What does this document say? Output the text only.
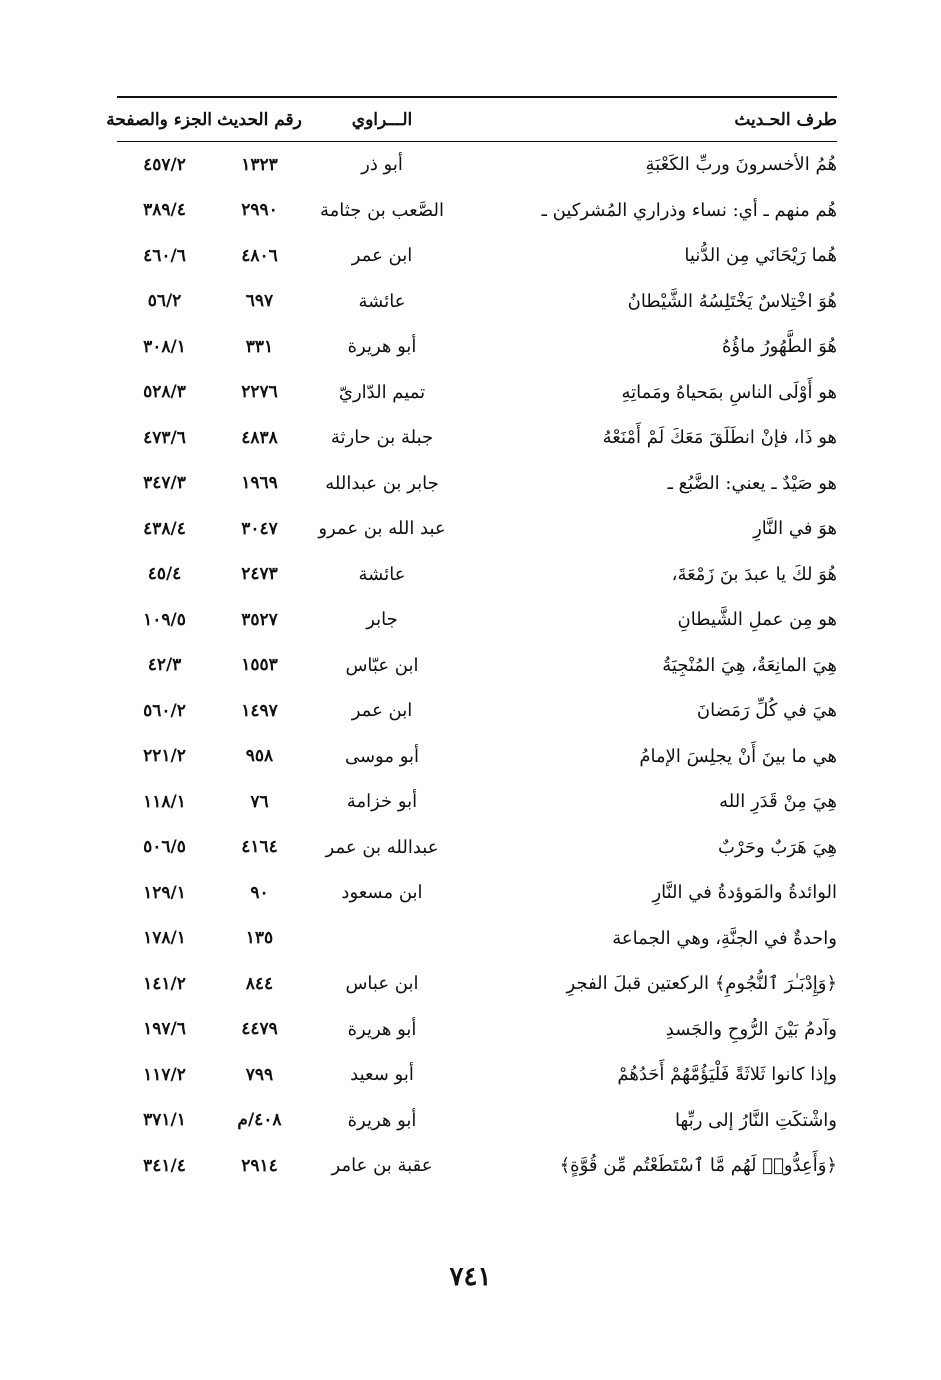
طرف الحـديث	الـــراوي	رقم الحديث	الجزء والصفحة
هُمُ الأخسرونَ وربِّ الكَعْبَةِ	أبو ذر	١٣٢٣	٤٥٧/٢
هُم منهم ـ أي: نساء وذراري المُشركين ـ	الصَّعب بن جثامة	٢٩٩٠	٣٨٩/٤
هُما رَيْحَانَي مِن الدُّنيا	ابن عمر	٤٨٠٦	٤٦٠/٦
هُوَ اخْتِلاسٌ يَخْتَلِسُهُ الشَّيْطانُ	عائشة	٦٩٧	٥٦/٢
هُوَ الطَّهُورُ ماؤُهُ	أبو هريرة	٣٣١	٣٠٨/١
هو أَوْلَى الناسِ بمَحياهُ ومَماتِهِ	تميم الدّاريّ	٢٢٧٦	٥٢٨/٣
هو ذَا، فإنْ انطَلَقَ مَعَكَ لَمْ أَمْنَعْهُ	جبلة بن حارثة	٤٨٣٨	٤٧٣/٦
هو صَيْدٌ ـ يعني: الضَّبُع ـ	جابر بن عبدالله	١٩٦٩	٣٤٧/٣
هوَ في النَّارِ	عبد الله بن عمرو	٣٠٤٧	٤٣٨/٤
هُوَ لكَ يا عبدَ بنَ زَمْعَةَ،	عائشة	٢٤٧٣	٤٥/٤
هو مِن عملِ الشَّيطانِ	جابر	٣٥٢٧	١٠٩/٥
هِيَ المانِعَةُ، هِيَ المُنْجِيَةُ	ابن عبّاس	١٥٥٣	٤٢/٣
هيَ في كُلِّ رَمَضانَ	ابن عمر	١٤٩٧	٥٦٠/٢
هي ما بينَ أَنْ يجلِسَ الإمامُ	أبو موسى	٩٥٨	٢٢١/٢
هِيَ مِنْ قَدَرِ الله	أبو خزامة	٧٦	١١٨/١
هِيَ هَرَبٌ وحَرْبٌ	عبدالله بن عمر	٤١٦٤	٥٠٦/٥
الوائدةُ والمَوؤدةُ في النَّارِ	ابن مسعود	٩٠	١٢٩/١
واحدةٌ في الجنَّةِ، وهي الجماعة		١٣٥	١٧٨/١
﴿وَإِدْبَـٰرَ ٱلنُّجُومِ﴾ الركعتين قبلَ الفجرِ	ابن عباس	٨٤٤	١٤١/٢
وآدمُ بَيْنَ الرُّوحِ والجَسدِ	أبو هريرة	٤٤٧٩	١٩٧/٦
وإذا كانوا ثَلاثَةً فَلْيَؤُمَّهُمْ أَحَدُهُمْ	أبو سعيد	٧٩٩	١١٧/٢
واشْتكَتِ النَّارُ إلى ربِّها	أبو هريرة	٤٠٨/م	٣٧١/١
﴿وَأَعِدُّوا۟ لَهُم مَّا ٱسْتَطَعْتُم مِّن قُوَّةٍ﴾	عقبة بن عامر	٢٩١٤	٣٤١/٤
٧٤١
